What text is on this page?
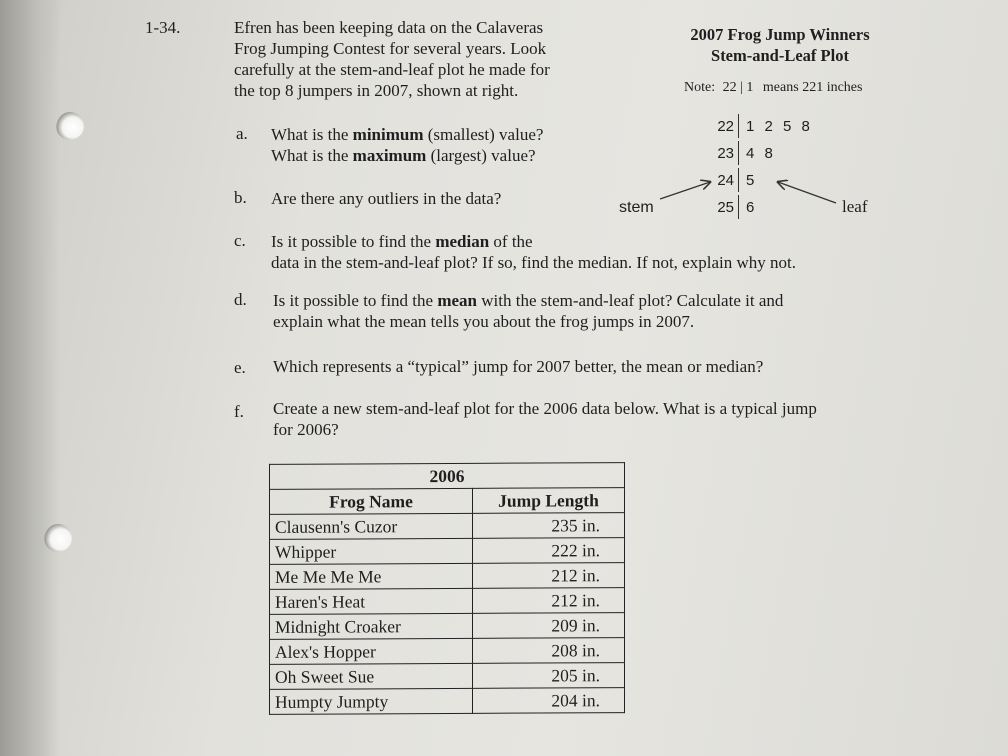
1-34.	Efren has been keeping data on the Calaveras
Frog Jumping Contest for several years. Look
carefully at the stem-and-leaf plot he made for
the top 8 jumpers in 2007, shown at right.
2007 Frog Jump Winners
Stem-and-Leaf Plot
Note: 22 | 1 means 221 inches
22 1 2 5 8
23 4 8
24 5
25 6
stem	leaf
a. What is the minimum (smallest) value?
What is the maximum (largest) value?
b. Are there any outliers in the data?
c. Is it possible to find the median of the
data in the stem-and-leaf plot? If so, find the median. If not, explain why not.
d. Is it possible to find the mean with the stem-and-leaf plot? Calculate it and
explain what the mean tells you about the frog jumps in 2007.
e. Which represents a “typical” jump for 2007 better, the mean or median?
f. Create a new stem-and-leaf plot for the 2006 data below. What is a typical jump
for 2006?
2006	
Frog Name	Jump Length
Clausenn's Cuzor	235 in.
Whipper	222 in.
Me Me Me Me	212 in.
Haren's Heat	212 in.
Midnight Croaker	209 in.
Alex's Hopper	208 in.
Oh Sweet Sue	205 in.
Humpty Jumpty	204 in.
